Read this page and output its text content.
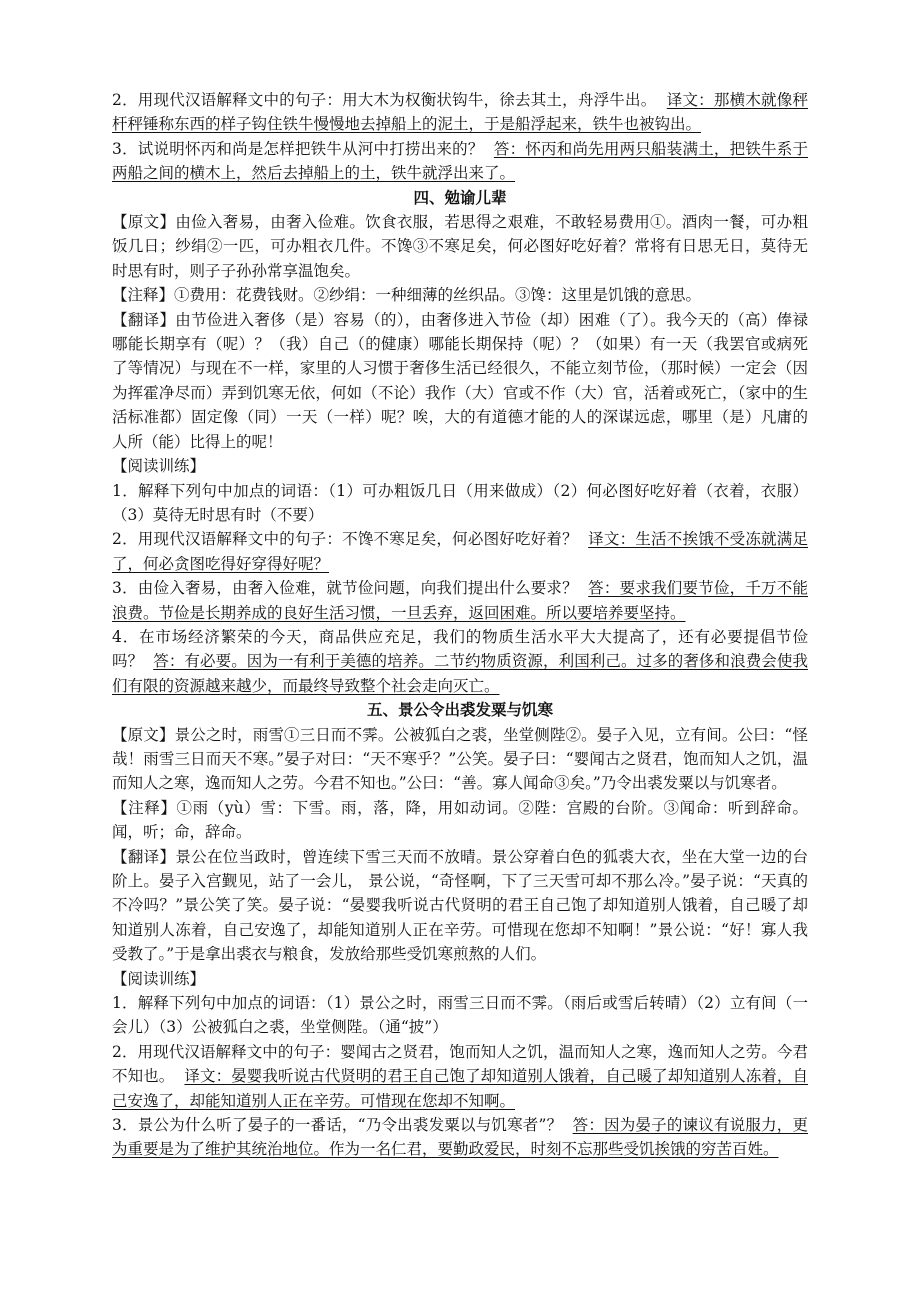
2．用现代汉语解释文中的句子：用大木为权衡状钩牛，徐去其土，舟浮牛出。 译文：那横木就像秤杆秤锤称东西的样子钩住铁牛慢慢地去掉船上的泥土，于是船浮起来，铁牛也被钩出。

3．试说明怀丙和尚是怎样把铁牛从河中打捞出来的？ 答：怀丙和尚先用两只船装满土，把铁牛系于两船之间的横木上，然后去掉船上的土，铁牛就浮出来了。

四、勉谕儿辈

【原文】由俭入奢易，由奢入俭难。饮食衣服，若思得之艰难，不敢轻易费用①。酒肉一餐，可办粗饭几日；纱绢②一匹，可办粗衣几件。不馋③不寒足矣，何必图好吃好着？常将有日思无日，莫待无时思有时，则子子孙孙常享温饱矣。

【注释】①费用：花费钱财。②纱绢：一种细薄的丝织品。③馋：这里是饥饿的意思。

【翻译】由节俭进入奢侈（是）容易（的），由奢侈进入节俭（却）困难（了）。我今天的（高）俸禄哪能长期享有（呢）？（我）自己（的健康）哪能长期保持（呢）？（如果）有一天（我罢官或病死了等情况）与现在不一样，家里的人习惯于奢侈生活已经很久，不能立刻节俭，（那时候）一定会（因为挥霍净尽而）弄到饥寒无依，何如（不论）我作（大）官或不作（大）官，活着或死亡，（家中的生活标准都）固定像（同）一天（一样）呢？唉，大的有道德才能的人的深谋远虑，哪里（是）凡庸的人所（能）比得上的呢！

【阅读训练】

1．解释下列句中加点的词语：（1）可办粗饭几日（用来做成）（2）何必图好吃好着（衣着，衣服）（3）莫待无时思有时（不要）

2．用现代汉语解释文中的句子：不馋不寒足矣，何必图好吃好着？ 译文：生活不挨饿不受冻就满足了，何必贪图吃得好穿得好呢？

3．由俭入奢易，由奢入俭难，就节俭问题，向我们提出什么要求？ 答：要求我们要节俭，千万不能浪费。节俭是长期养成的良好生活习惯，一旦丢弃，返回困难。所以要培养要坚持。

4．在市场经济繁荣的今天，商品供应充足，我们的物质生活水平大大提高了，还有必要提倡节俭吗？ 答：有必要。因为一有利于美德的培养。二节约物质资源，利国利己。过多的奢侈和浪费会使我们有限的资源越来越少，而最终导致整个社会走向灭亡。

五、景公令出裘发粟与饥寒

【原文】景公之时，雨雪①三日而不霁。公被狐白之裘，坐堂侧陛②。晏子入见，立有间。公曰：“怪哉！雨雪三日而天不寒。”晏子对曰：“天不寒乎？”公笑。晏子曰：“婴闻古之贤君，饱而知人之饥，温而知人之寒，逸而知人之劳。今君不知也。”公曰：“善。寡人闻命③矣。”乃令出裘发粟以与饥寒者。

【注释】①雨（yù）雪：下雪。雨，落，降，用如动词。②陛：宫殿的台阶。③闻命：听到辞命。闻，听；命，辞命。

【翻译】景公在位当政时，曾连续下雪三天而不放晴。景公穿着白色的狐裘大衣，坐在大堂一边的台阶上。晏子入宫觐见，站了一会儿， 景公说，“奇怪啊，下了三天雪可却不那么冷。”晏子说：“天真的不冷吗？”景公笑了笑。晏子说：“晏婴我听说古代贤明的君王自己饱了却知道别人饿着，自己暖了却知道别人冻着，自己安逸了，却能知道别人正在辛劳。可惜现在您却不知啊！”景公说：“好！寡人我受教了。”于是拿出裘衣与粮食，发放给那些受饥寒煎熬的人们。

【阅读训练】

1．解释下列句中加点的词语：（1）景公之时，雨雪三日而不霁。（雨后或雪后转晴）（2）立有间（一会儿）（3）公被狐白之裘，坐堂侧陛。（通“披”）

2．用现代汉语解释文中的句子：婴闻古之贤君，饱而知人之饥，温而知人之寒，逸而知人之劳。今君不知也。 译文：晏婴我听说古代贤明的君王自己饱了却知道别人饿着，自己暖了却知道别人冻着，自己安逸了，却能知道别人正在辛劳。可惜现在您却不知啊。

3．景公为什么听了晏子的一番话，“乃令出裘发粟以与饥寒者”？ 答：因为晏子的谏议有说服力，更为重要是为了维护其统治地位。作为一名仁君，要勤政爱民，时刻不忘那些受饥挨饿的穷苦百姓。
